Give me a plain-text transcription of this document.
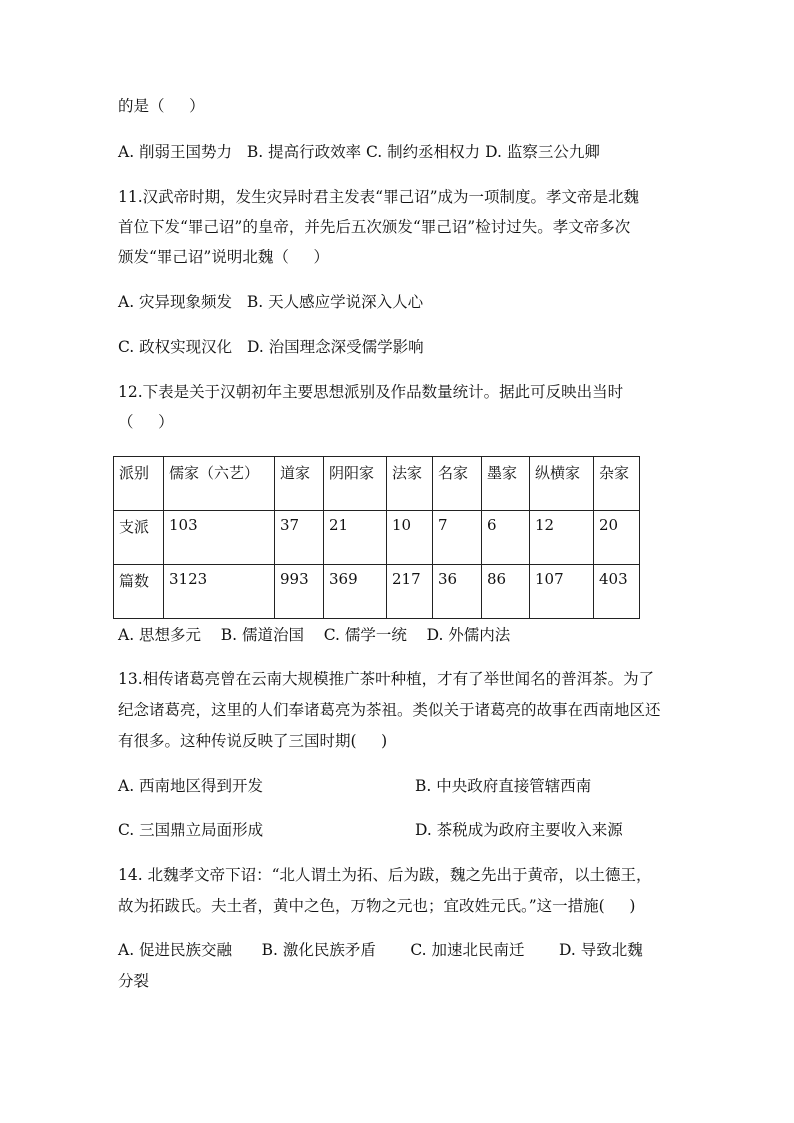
的是（     ）
A. 削弱王国势力   B. 提高行政效率 C. 制约丞相权力 D. 监察三公九卿
11.汉武帝时期，发生灾异时君主发表“罪己诏”成为一项制度。孝文帝是北魏
首位下发“罪己诏”的皇帝，并先后五次颁发“罪己诏”检讨过失。孝文帝多次
颁发“罪己诏”说明北魏（     ）
A. 灾异现象频发   B. 天人感应学说深入人心
C. 政权实现汉化   D. 治国理念深受儒学影响
12.下表是关于汉朝初年主要思想派别及作品数量统计。据此可反映出当时
（     ）
派别	儒家（六艺）	道家	阴阳家	法家	名家	墨家	纵横家	杂家
支派	103	37	21	10	7	6	12	20
篇数	3123	993	369	217	36	86	107	403
A. 思想多元    B. 儒道治国    C. 儒学一统    D. 外儒内法
13.相传诸葛亮曾在云南大规模推广茶叶种植，才有了举世闻名的普洱茶。为了
纪念诸葛亮，这里的人们奉诸葛亮为茶祖。类似关于诸葛亮的故事在西南地区还
有很多。这种传说反映了三国时期(     )
A. 西南地区得到开发	B. 中央政府直接管辖西南
C. 三国鼎立局面形成	D. 茶税成为政府主要收入来源
14. 北魏孝文帝下诏：“北人谓土为拓、后为跋，魏之先出于黄帝，以土德王，
故为拓跋氏。夫土者，黄中之色，万物之元也；宜改姓元氏。”这一措施(     )
A. 促进民族交融      B. 激化民族矛盾       C. 加速北民南迁       D. 导致北魏
分裂
